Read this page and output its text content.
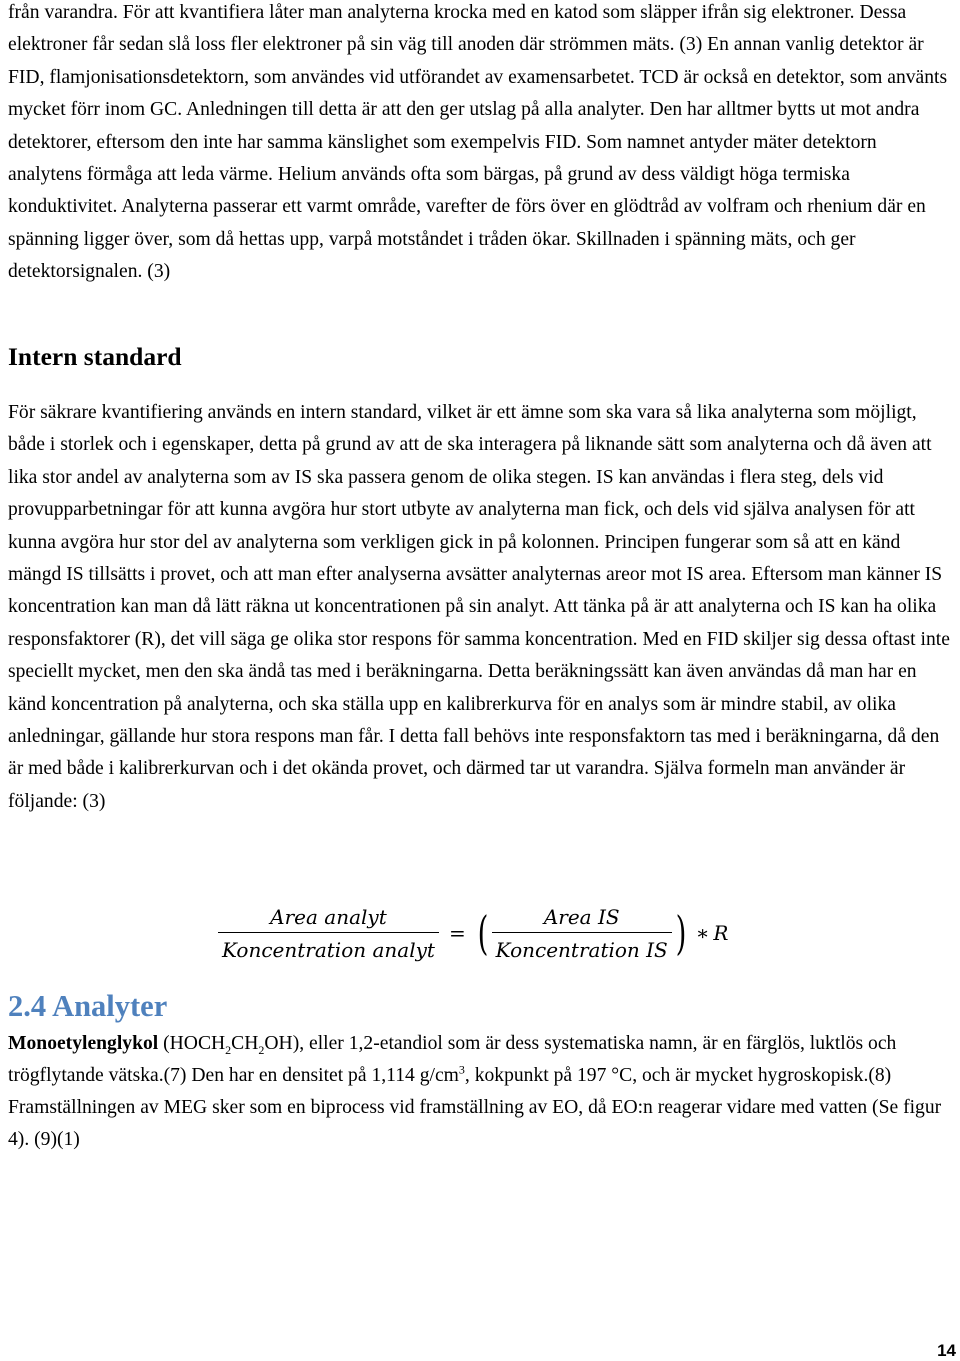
från varandra. För att kvantifiera låter man analyterna krocka med en katod som släpper ifrån sig elektroner. Dessa elektroner får sedan slå loss fler elektroner på sin väg till anoden där strömmen mäts. (3) En annan vanlig detektor är FID, flamjonisationsdetektorn, som användes vid utförandet av examensarbetet. TCD är också en detektor, som använts mycket förr inom GC. Anledningen till detta är att den ger utslag på alla analyter. Den har alltmer bytts ut mot andra detektorer, eftersom den inte har samma känslighet som exempelvis FID. Som namnet antyder mäter detektorn analytens förmåga att leda värme. Helium används ofta som bärgas, på grund av dess väldigt höga termiska konduktivitet. Analyterna passerar ett varmt område, varefter de förs över en glödtråd av volfram och rhenium där en spänning ligger över, som då hettas upp, varpå motståndet i tråden ökar. Skillnaden i spänning mäts, och ger detektorsignalen. (3)

Intern standard

För säkrare kvantifiering används en intern standard, vilket är ett ämne som ska vara så lika analyterna som möjligt, både i storlek och i egenskaper, detta på grund av att de ska interagera på liknande sätt som analyterna och då även att lika stor andel av analyterna som av IS ska passera genom de olika stegen. IS kan användas i flera steg, dels vid provupparbetningar för att kunna avgöra hur stort utbyte av analyterna man fick, och dels vid själva analysen för att kunna avgöra hur stor del av analyterna som verkligen gick in på kolonnen. Principen fungerar som så att en känd mängd IS tillsätts i provet, och att man efter analyserna avsätter analyternas areor mot IS area. Eftersom man känner IS koncentration kan man då lätt räkna ut koncentrationen på sin analyt. Att tänka på är att analyterna och IS kan ha olika responsfaktorer (R), det vill säga ge olika stor respons för samma koncentration. Med en FID skiljer sig dessa oftast inte speciellt mycket, men den ska ändå tas med i beräkningarna. Detta beräkningssätt kan även användas då man har en känd koncentration på analyterna, och ska ställa upp en kalibrerkurva för en analys som är mindre stabil, av olika anledningar, gällande hur stora respons man får. I detta fall behövs inte responsfaktorn tas med i beräkningarna, då den är med både i kalibrerkurvan och i det okända provet, och därmed tar ut varandra. Själva formeln man använder är följande: (3)

$\frac{\text{Area analyt}}{\text{Koncentration analyt}}$ = ( $\frac{\text{Area IS}}{\text{Koncentration IS}}$ ) ∗ R
2.4 Analyter

Monoetylenglykol $(HOCH_2CH_2OH)$, eller 1,2-etandiol som är dess systematiska namn, är en färglös, luktlös och trögflytande vätska.(7) Den har en densitet på 1,114 $g/cm^3$, kokpunkt på 197 °C, och är mycket hygroskopisk.(8) Framställningen av MEG sker som en biprocess vid framställning av EO, då EO:n reagerar vidare med vatten (Se figur 4). (9)(1)

14
